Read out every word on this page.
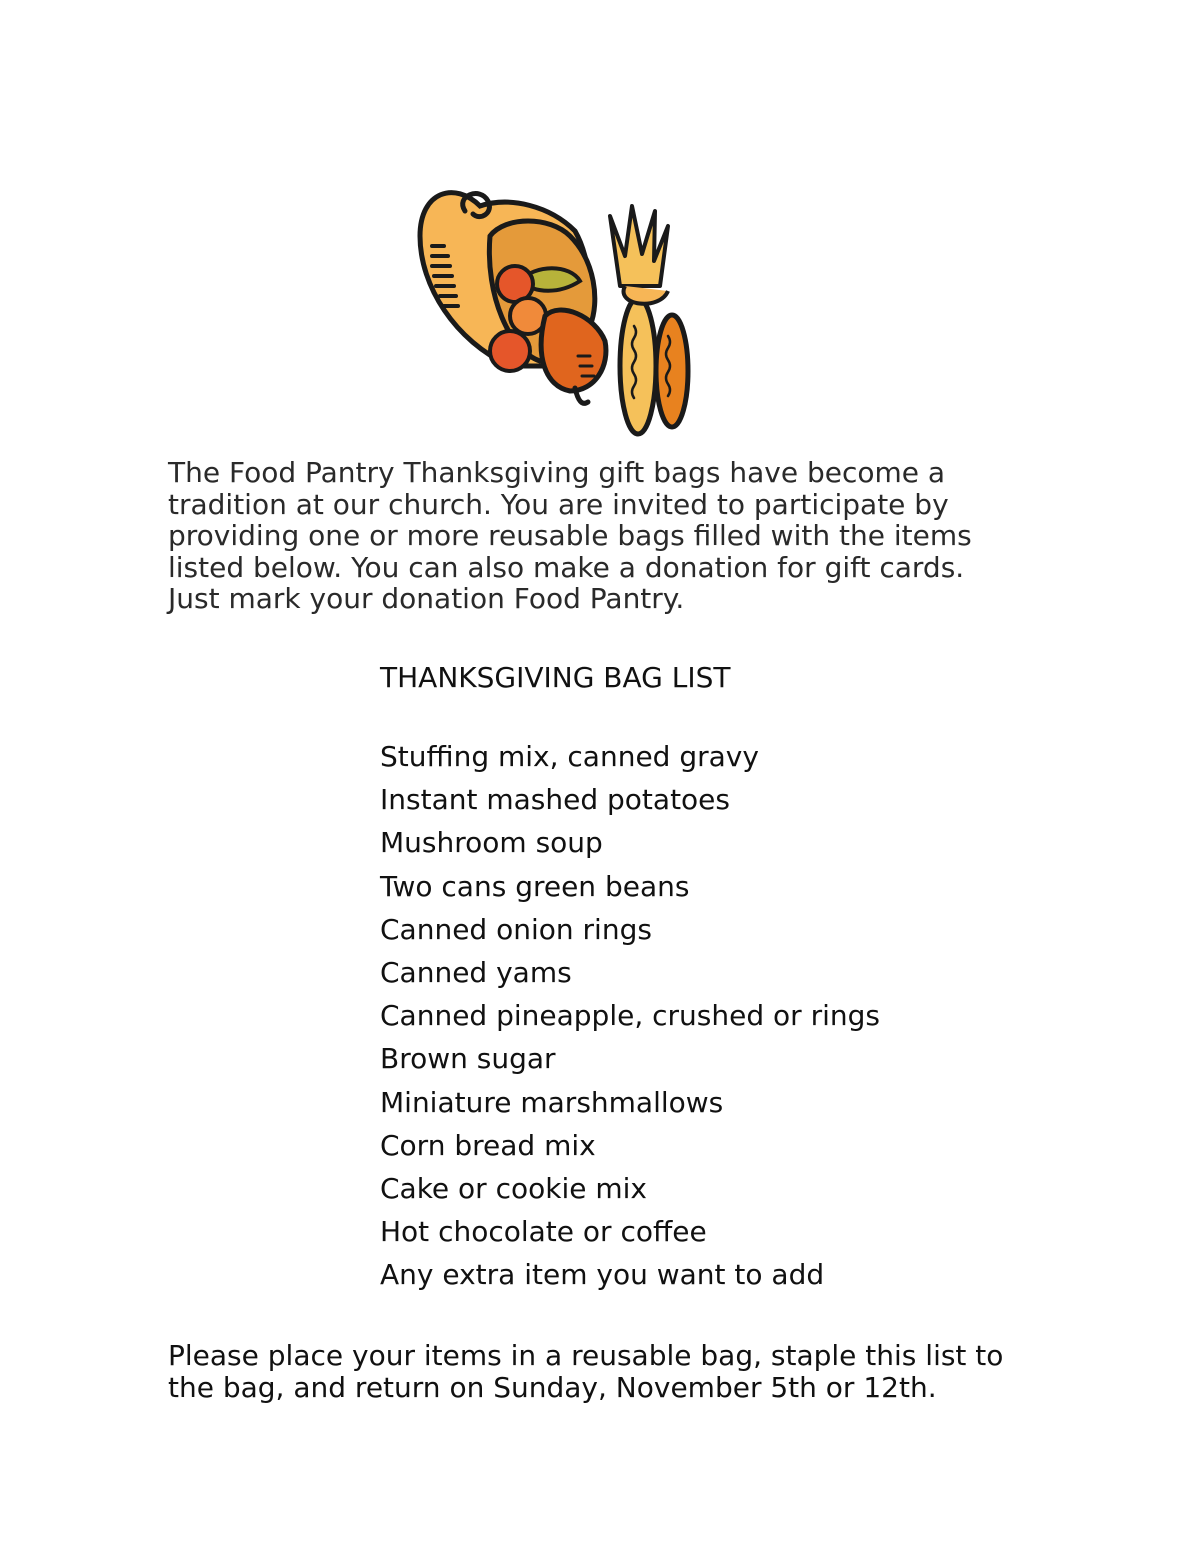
The Food Pantry Thanksgiving gift bags have become a tradition at our church. You are invited to participate by providing one or more reusable bags filled with the items listed below. You can also make a donation for gift cards. Just mark your donation Food Pantry.

THANKSGIVING BAG LIST
Stuffing mix, canned gravy
Instant mashed potatoes
Mushroom soup
Two cans green beans
Canned onion rings
Canned yams
Canned pineapple, crushed or rings
Brown sugar
Miniature marshmallows
Corn bread mix
Cake or cookie mix
Hot chocolate or coffee
Any extra item you want to add

Please place your items in a reusable bag, staple this list to the bag, and return on Sunday, November 5th or 12th.
